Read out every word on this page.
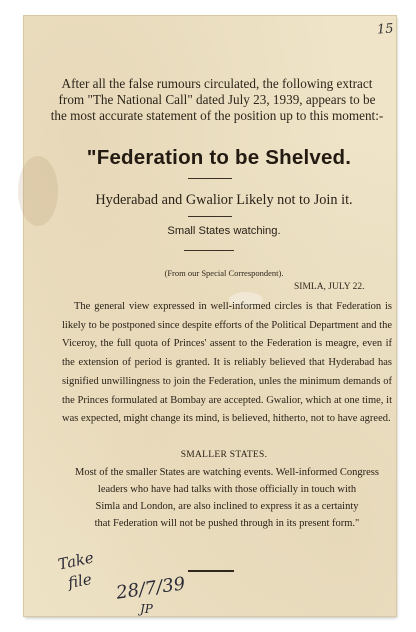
15
After all the false rumours circulated, the following extract
from "The National Call" dated July 23, 1939, appears to be
the most accurate statement of the position up to this moment:-
"Federation to be Shelved.
Hyderabad and Gwalior Likely not to Join it.
Small States watching.
(From our Special Correspondent).
SIMLA, JULY 22.
The general view expressed in well-informed circles is that Federation is likely to be postponed since despite efforts of the Political Department and the Viceroy, the full quota of Princes' assent to the Federation is meagre, even if the extension of period is granted. It is reliably believed that Hyderabad has signified unwillingness to join the Federation, unles the minimum demands of the Princes formulated at Bombay are accepted. Gwalior, which at one time, it was expected, might change its mind, is believed, hitherto, not to have agreed.
SMALLER STATES.
Most of the smaller States are watching events. Well-informed Congress
leaders who have had talks with those officially in touch with
Simla and London, are also inclined to express it as a certainty
that Federation will not be pushed through in its present form."
Take
file 28/7/39
JP
